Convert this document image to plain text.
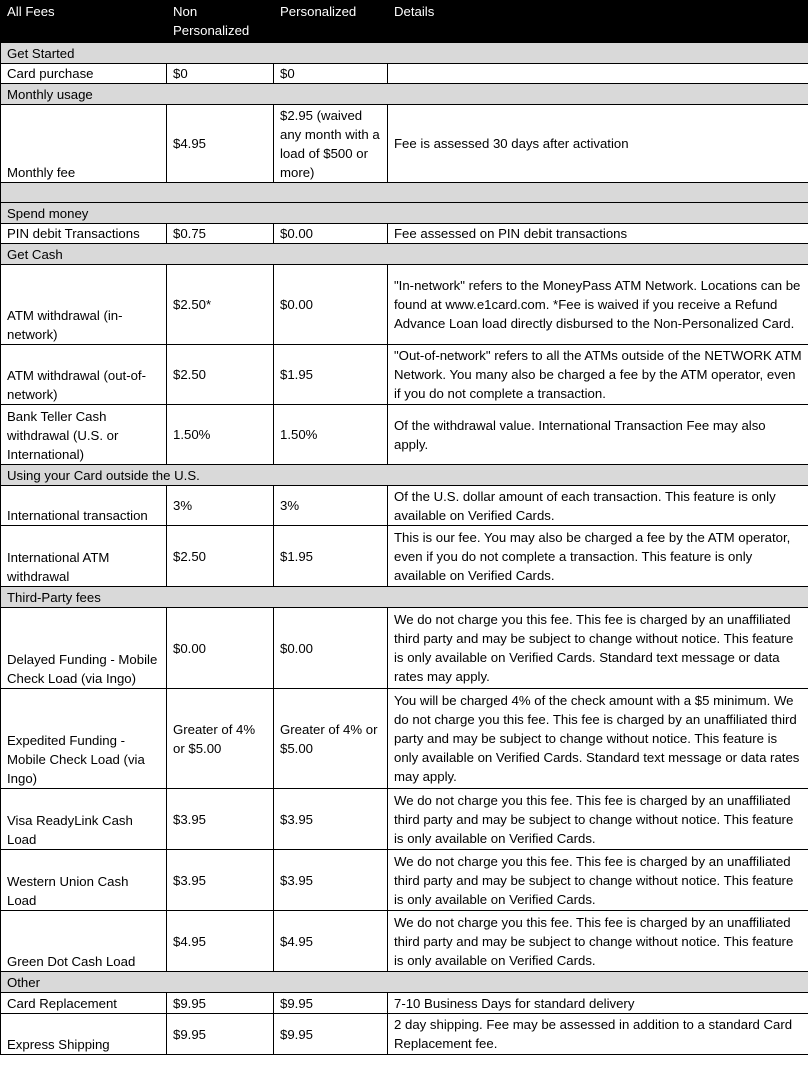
All Fees	Non Personalized	Personalized	Details
Get Started			
Card purchase	$0	$0	
Monthly usage			
Monthly fee	$4.95	$2.95 (waived any month with a load of $500 or more)	Fee is assessed 30 days after activation

Spend money			
PIN debit Transactions	$0.75	$0.00	Fee assessed on PIN debit transactions
Get Cash			
ATM withdrawal (in-network)	$2.50*	$0.00	"In-network" refers to the MoneyPass ATM Network. Locations can be found at www.e1card.com. *Fee is waived if you receive a Refund Advance Loan load directly disbursed to the Non-Personalized Card.
ATM withdrawal (out-of-network)	$2.50	$1.95	"Out-of-network" refers to all the ATMs outside of the NETWORK ATM Network. You many also be charged a fee by the ATM operator, even if you do not complete a transaction.
Bank Teller Cash withdrawal (U.S. or International)	1.50%	1.50%	Of the withdrawal value. International Transaction Fee may also apply.
Using your Card outside the U.S.			
International transaction	3%	3%	Of the U.S. dollar amount of each transaction. This feature is only available on Verified Cards.
International ATM withdrawal	$2.50	$1.95	This is our fee. You may also be charged a fee by the ATM operator, even if you do not complete a transaction. This feature is only available on Verified Cards.
Third-Party fees			
Delayed Funding - Mobile Check Load (via Ingo)	$0.00	$0.00	We do not charge you this fee. This fee is charged by an unaffiliated third party and may be subject to change without notice. This feature is only available on Verified Cards. Standard text message or data rates may apply.
Expedited Funding - Mobile Check Load (via Ingo)	Greater of 4% or $5.00	Greater of 4% or $5.00	You will be charged 4% of the check amount with a $5 minimum. We do not charge you this fee. This fee is charged by an unaffiliated third party and may be subject to change without notice. This feature is only available on Verified Cards. Standard text message or data rates may apply.
Visa ReadyLink Cash Load	$3.95	$3.95	We do not charge you this fee. This fee is charged by an unaffiliated third party and may be subject to change without notice. This feature is only available on Verified Cards.
Western Union Cash Load	$3.95	$3.95	We do not charge you this fee. This fee is charged by an unaffiliated third party and may be subject to change without notice. This feature is only available on Verified Cards.
Green Dot Cash Load	$4.95	$4.95	We do not charge you this fee. This fee is charged by an unaffiliated third party and may be subject to change without notice. This feature is only available on Verified Cards.
Other			
Card Replacement	$9.95	$9.95	7-10 Business Days for standard delivery
Express Shipping	$9.95	$9.95	2 day shipping. Fee may be assessed in addition to a standard Card Replacement fee.
